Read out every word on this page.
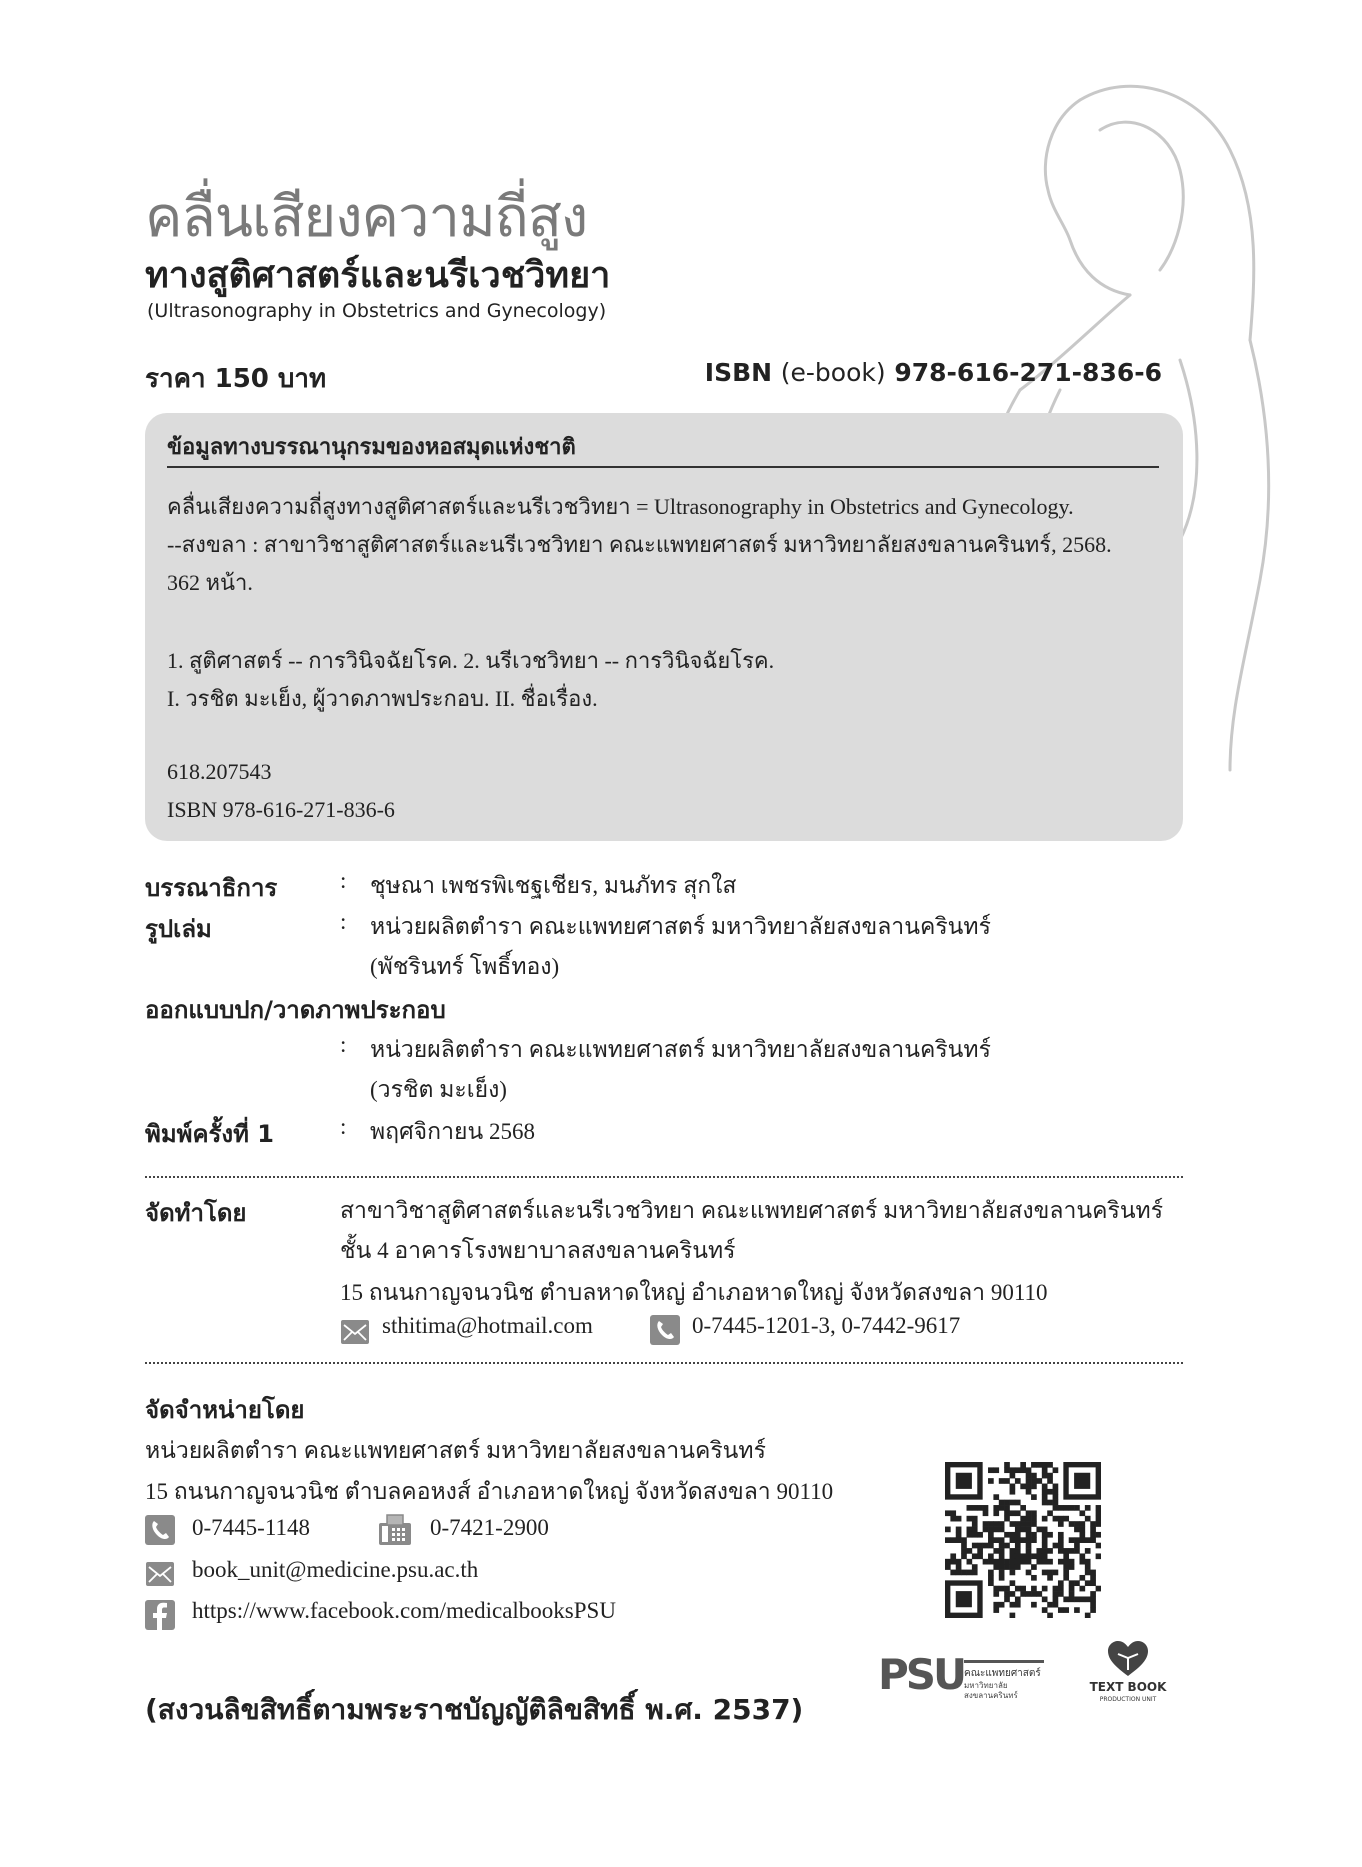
คลื่นเสียงความถี่สูง
ทางสูติศาสตร์และนรีเวชวิทยา
(Ultrasonography in Obstetrics and Gynecology)
ราคา 150 บาท	ISBN (e-book) 978-616-271-836-6
ข้อมูลทางบรรณานุกรมของหอสมุดแห่งชาติ
คลื่นเสียงความถี่สูงทางสูติศาสตร์และนรีเวชวิทยา = Ultrasonography in Obstetrics and Gynecology.
--สงขลา : สาขาวิชาสูติศาสตร์และนรีเวชวิทยา คณะแพทยศาสตร์ มหาวิทยาลัยสงขลานครินทร์, 2568.
362 หน้า.
1. สูติศาสตร์ -- การวินิจฉัยโรค. 2. นรีเวชวิทยา -- การวินิจฉัยโรค.
I. วรชิต มะเย็ง, ผู้วาดภาพประกอบ. II. ชื่อเรื่อง.
618.207543
ISBN 978-616-271-836-6
บรรณาธิการ	: ชุษณา เพชรพิเชฐเชียร, มนภัทร สุกใส
รูปเล่ม	: หน่วยผลิตตำรา คณะแพทยศาสตร์ มหาวิทยาลัยสงขลานครินทร์
(พัชรินทร์ โพธิ์ทอง)
ออกแบบปก/วาดภาพประกอบ
: หน่วยผลิตตำรา คณะแพทยศาสตร์ มหาวิทยาลัยสงขลานครินทร์
(วรชิต มะเย็ง)
พิมพ์ครั้งที่ 1	: พฤศจิกายน 2568
จัดทำโดย	สาขาวิชาสูติศาสตร์และนรีเวชวิทยา คณะแพทยศาสตร์ มหาวิทยาลัยสงขลานครินทร์
ชั้น 4 อาคารโรงพยาบาลสงขลานครินทร์
15 ถนนกาญจนวนิช ตำบลหาดใหญ่ อำเภอหาดใหญ่ จังหวัดสงขลา 90110
sthitima@hotmail.com	0-7445-1201-3, 0-7442-9617
จัดจำหน่ายโดย
หน่วยผลิตตำรา คณะแพทยศาสตร์ มหาวิทยาลัยสงขลานครินทร์
15 ถนนกาญจนวนิช ตำบลคอหงส์ อำเภอหาดใหญ่ จังหวัดสงขลา 90110
0-7445-1148	0-7421-2900
book_unit@medicine.psu.ac.th
https://www.facebook.com/medicalbooksPSU
PSU คณะแพทยศาสตร์
มหาวิทยาลัย
สงขลานครินทร์
TEXT BOOK
PRODUCTION UNIT
(สงวนลิขสิทธิ์ตามพระราชบัญญัติลิขสิทธิ์ พ.ศ. 2537)
